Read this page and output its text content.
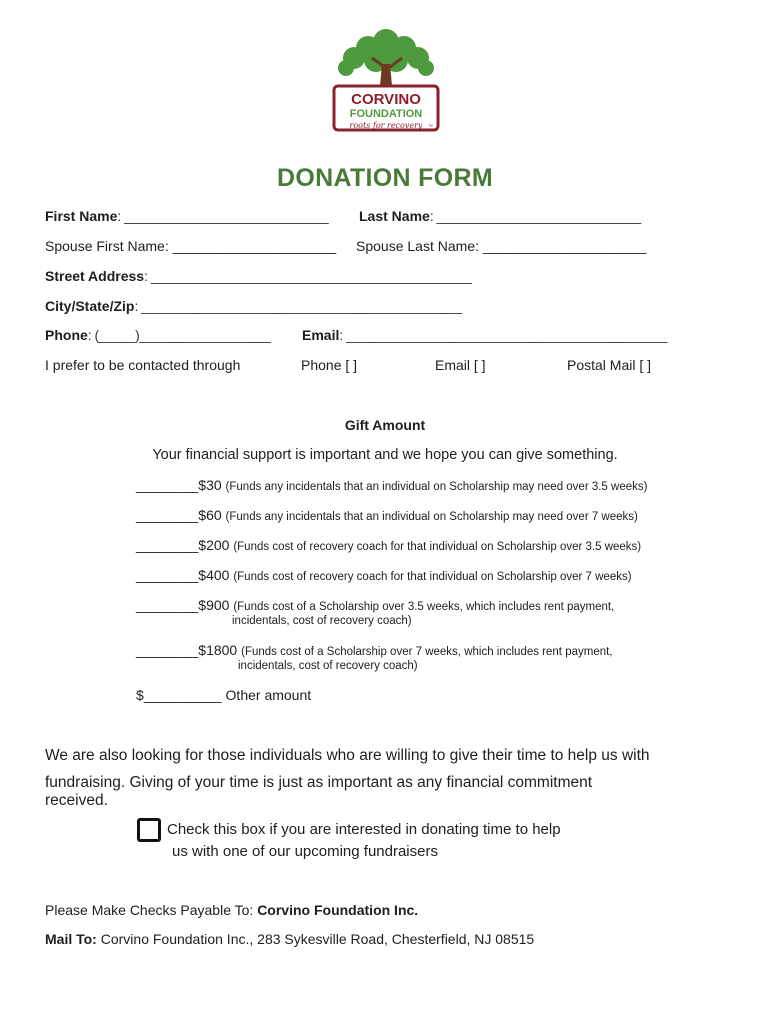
CORVINO
FOUNDATION
roots for recovery ™
DONATION FORM
First Name: ____________________________ Last Name: ____________________________
Spouse First Name: _____________________ Spouse Last Name: _____________________
Street Address: ____________________________________________
City/State/Zip: ____________________________________________
Phone: (_____)__________________ Email: ____________________________________________
I prefer to be contacted through	Phone [ ]	Email [ ]	Postal Mail [ ]
Gift Amount
Your financial support is important and we hope you can give something.
________$30 (Funds any incidentals that an individual on Scholarship may need over 3.5 weeks)
________$60 (Funds any incidentals that an individual on Scholarship may need over 7 weeks)
________$200 (Funds cost of recovery coach for that individual on Scholarship over 3.5 weeks)
________$400 (Funds cost of recovery coach for that individual on Scholarship over 7 weeks)
________$900 (Funds cost of a Scholarship over 3.5 weeks, which includes rent payment,
incidentals, cost of recovery coach)
________$1800 (Funds cost of a Scholarship over 7 weeks, which includes rent payment,
incidentals, cost of recovery coach)
$__________ Other amount
We are also looking for those individuals who are willing to give their time to help us with
fundraising. Giving of your time is just as important as any financial commitment
received.
Check this box if you are interested in donating time to help
us with one of our upcoming fundraisers
Please Make Checks Payable To: Corvino Foundation Inc.
Mail To: Corvino Foundation Inc., 283 Sykesville Road, Chesterfield, NJ 08515
